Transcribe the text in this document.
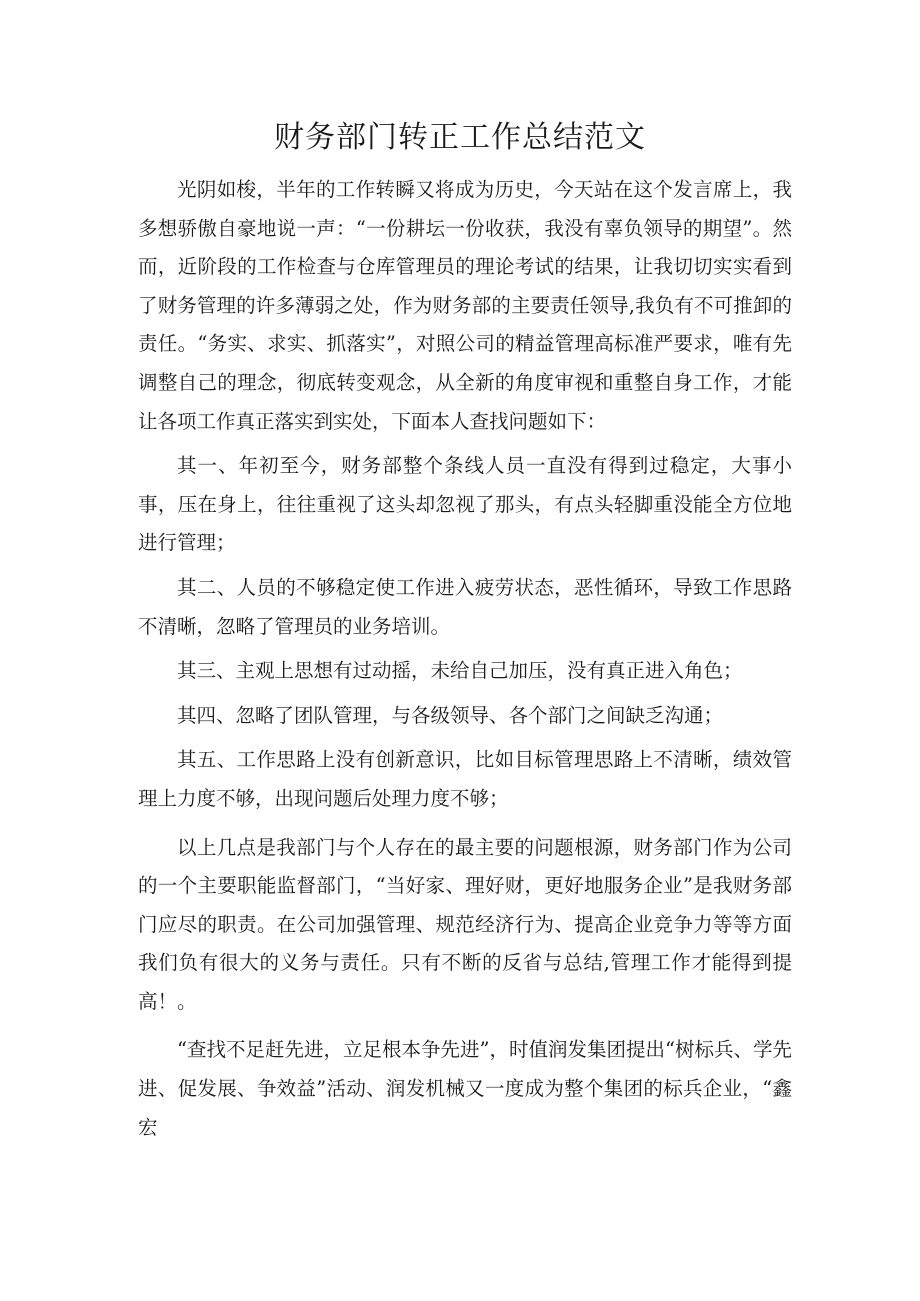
财务部门转正工作总结范文

光阴如梭，半年的工作转瞬又将成为历史，今天站在这个发言席上，我多想骄傲自豪地说一声：“一份耕坛一份收获，我没有辜负领导的期望”。然而，近阶段的工作检查与仓库管理员的理论考试的结果，让我切切实实看到了财务管理的许多薄弱之处，作为财务部的主要责任领导,我负有不可推卸的责任。“务实、求实、抓落实”，对照公司的精益管理高标准严要求，唯有先调整自己的理念，彻底转变观念，从全新的角度审视和重整自身工作，才能让各项工作真正落实到实处，下面本人查找问题如下：

其一、年初至今，财务部整个条线人员一直没有得到过稳定，大事小事，压在身上，往往重视了这头却忽视了那头，有点头轻脚重没能全方位地进行管理；

其二、人员的不够稳定使工作进入疲劳状态，恶性循环，导致工作思路不清晰，忽略了管理员的业务培训。

其三、主观上思想有过动摇，未给自己加压，没有真正进入角色；

其四、忽略了团队管理，与各级领导、各个部门之间缺乏沟通；

其五、工作思路上没有创新意识，比如目标管理思路上不清晰，绩效管理上力度不够，出现问题后处理力度不够；

以上几点是我部门与个人存在的最主要的问题根源，财务部门作为公司的一个主要职能监督部门，“当好家、理好财，更好地服务企业”是我财务部门应尽的职责。在公司加强管理、规范经济行为、提高企业竞争力等等方面我们负有很大的义务与责任。只有不断的反省与总结,管理工作才能得到提高！。

“查找不足赶先进，立足根本争先进”，时值润发集团提出“树标兵、学先进、促发展、争效益”活动、润发机械又一度成为整个集团的标兵企业，“鑫宏
